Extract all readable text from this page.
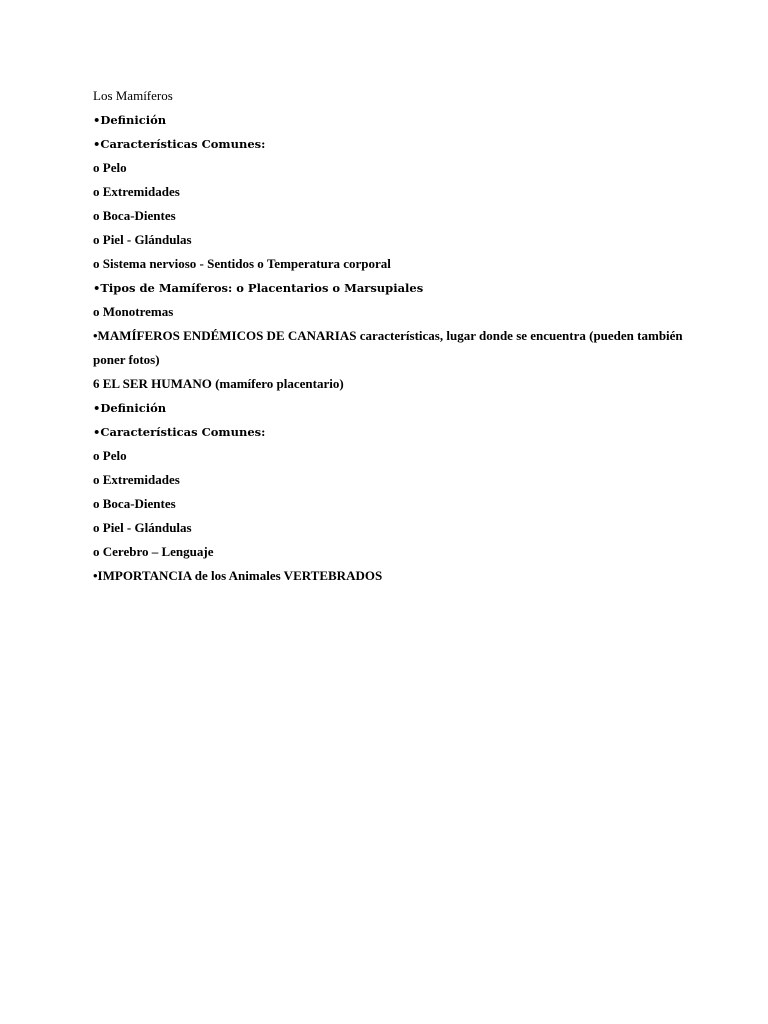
Los Mamíferos
•Definición
•Características Comunes:
o Pelo
o Extremidades
o Boca-Dientes
o Piel - Glándulas
o Sistema nervioso - Sentidos o Temperatura corporal
•Tipos de Mamíferos: o Placentarios o Marsupiales
o Monotremas
•MAMÍFEROS ENDÉMICOS DE CANARIAS características, lugar donde se encuentra (pueden también poner fotos)
6 EL SER HUMANO (mamífero placentario)
•Definición
•Características Comunes:
o Pelo
o Extremidades
o Boca-Dientes
o Piel - Glándulas
o Cerebro – Lenguaje
•IMPORTANCIA de los Animales VERTEBRADOS
